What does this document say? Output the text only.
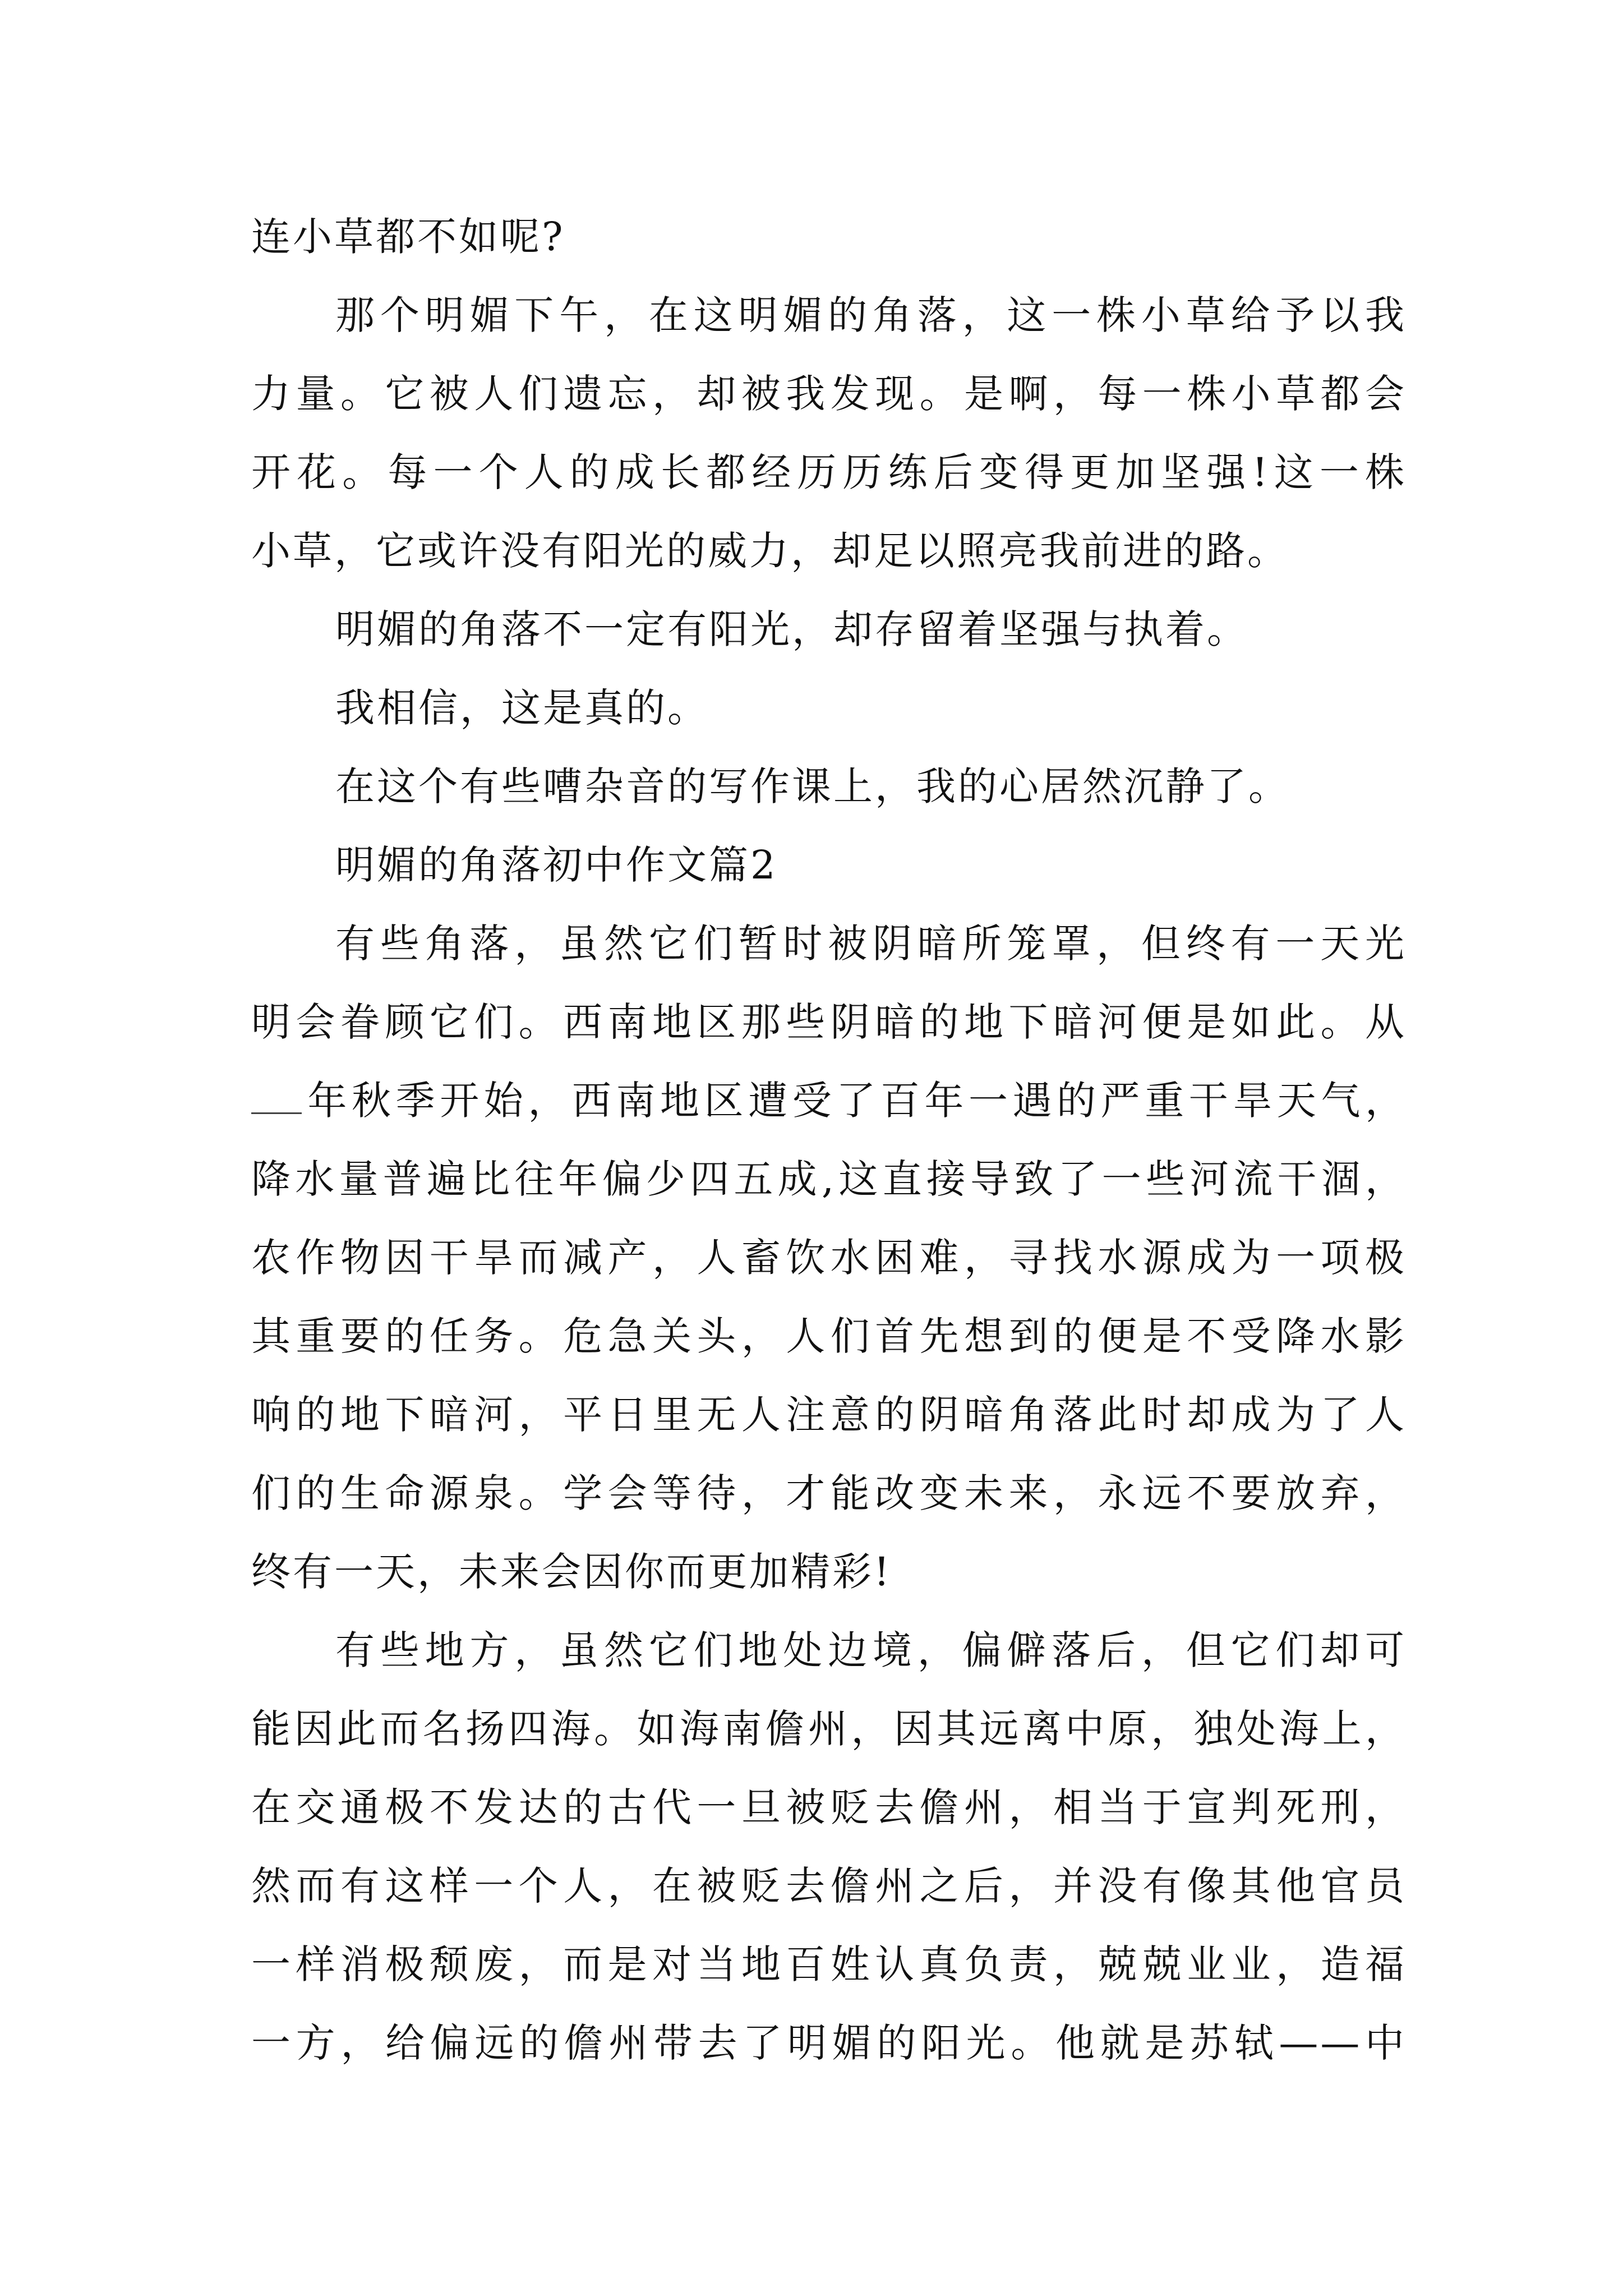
连小草都不如呢?
那个明媚下午，在这明媚的角落，这一株小草给予以我
力量。它被人们遗忘，却被我发现。是啊，每一株小草都会
开花。每一个人的成长都经历历练后变得更加坚强!这一株
小草，它或许没有阳光的威力，却足以照亮我前进的路。
明媚的角落不一定有阳光，却存留着坚强与执着。
我相信，这是真的。
在这个有些嘈杂音的写作课上，我的心居然沉静了。
明媚的角落初中作文篇2
有些角落，虽然它们暂时被阴暗所笼罩，但终有一天光
明会眷顾它们。西南地区那些阴暗的地下暗河便是如此。从
年秋季开始，西南地区遭受了百年一遇的严重干旱天气，
降水量普遍比往年偏少四五成,这直接导致了一些河流干涸，
农作物因干旱而减产，人畜饮水困难，寻找水源成为一项极
其重要的任务。危急关头，人们首先想到的便是不受降水影
响的地下暗河，平日里无人注意的阴暗角落此时却成为了人
们的生命源泉。学会等待，才能改变未来，永远不要放弃，
终有一天，未来会因你而更加精彩!
有些地方，虽然它们地处边境，偏僻落后，但它们却可
能因此而名扬四海。如海南儋州，因其远离中原，独处海上，
在交通极不发达的古代一旦被贬去儋州，相当于宣判死刑，
然而有这样一个人，在被贬去儋州之后，并没有像其他官员
一样消极颓废，而是对当地百姓认真负责，兢兢业业，造福
一方，给偏远的儋州带去了明媚的阳光。他就是苏轼——中
